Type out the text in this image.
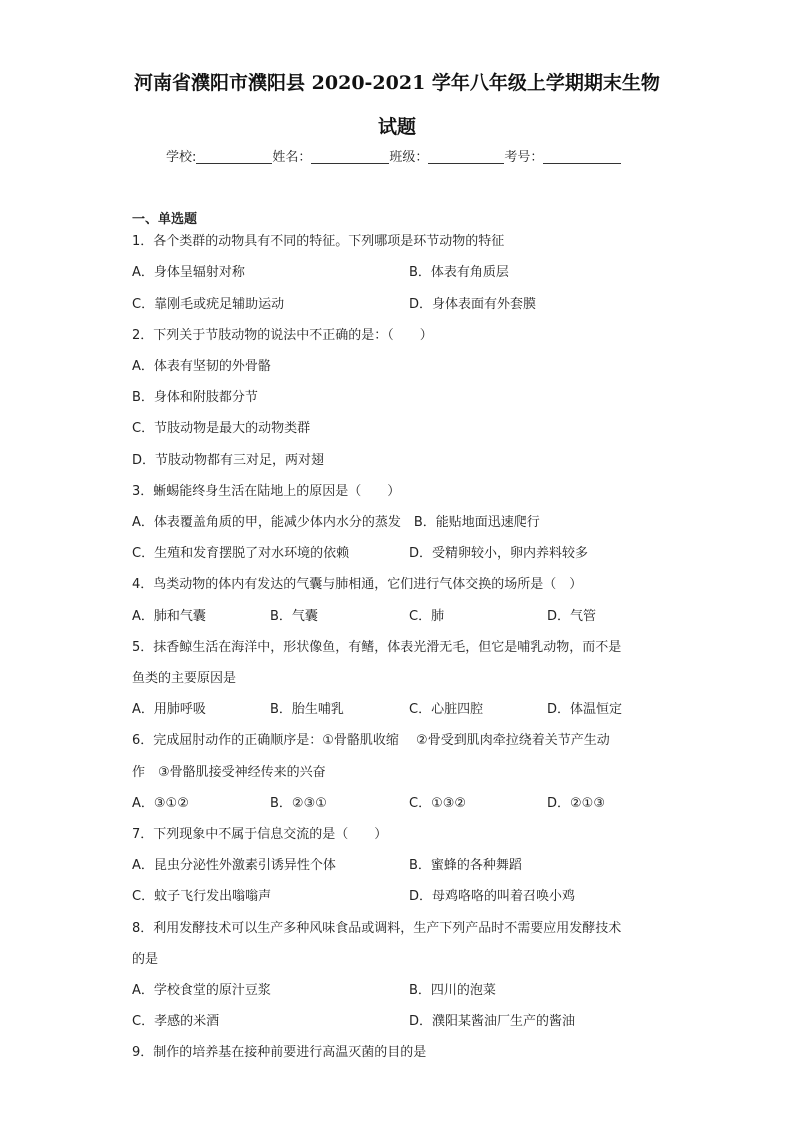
河南省濮阳市濮阳县 2020-2021 学年八年级上学期期末生物
试题
学校:	姓名：	班级：	考号：
一、单选题
1．各个类群的动物具有不同的特征。下列哪项是环节动物的特征
A．身体呈辐射对称	B．体表有角质层
C．靠刚毛或疣足辅助运动	D．身体表面有外套膜
2．下列关于节肢动物的说法中不正确的是：（　　）
A．体表有坚韧的外骨骼
B．身体和附肢都分节
C．节肢动物是最大的动物类群
D．节肢动物都有三对足，两对翅
3．蜥蜴能终身生活在陆地上的原因是（　　）
A．体表覆盖角质的甲，能减少体内水分的蒸发　B．能贴地面迅速爬行
C．生殖和发育摆脱了对水环境的依赖	D．受精卵较小，卵内养料较多
4．鸟类动物的体内有发达的气囊与肺相通，它们进行气体交换的场所是（　）
A．肺和气囊	B．气囊	C．肺	D．气管
5．抹香鲸生活在海洋中，形状像鱼，有鳍，体表光滑无毛，但它是哺乳动物，而不是
鱼类的主要原因是
A．用肺呼吸	B．胎生哺乳	C．心脏四腔	D．体温恒定
6．完成屈肘动作的正确顺序是：①骨骼肌收缩　 ②骨受到肌肉牵拉绕着关节产生动
作　③骨骼肌接受神经传来的兴奋
A．③①②	B．②③①	C．①③②	D．②①③
7．下列现象中不属于信息交流的是（　　）
A．昆虫分泌性外激素引诱异性个体	B．蜜蜂的各种舞蹈
C．蚊子飞行发出嗡嗡声	D．母鸡咯咯的叫着召唤小鸡
8．利用发酵技术可以生产多种风味食品或调料，生产下列产品时不需要应用发酵技术
的是
A．学校食堂的原汁豆浆	B．四川的泡菜
C．孝感的米酒	D．濮阳某酱油厂生产的酱油
9．制作的培养基在接种前要进行高温灭菌的目的是
